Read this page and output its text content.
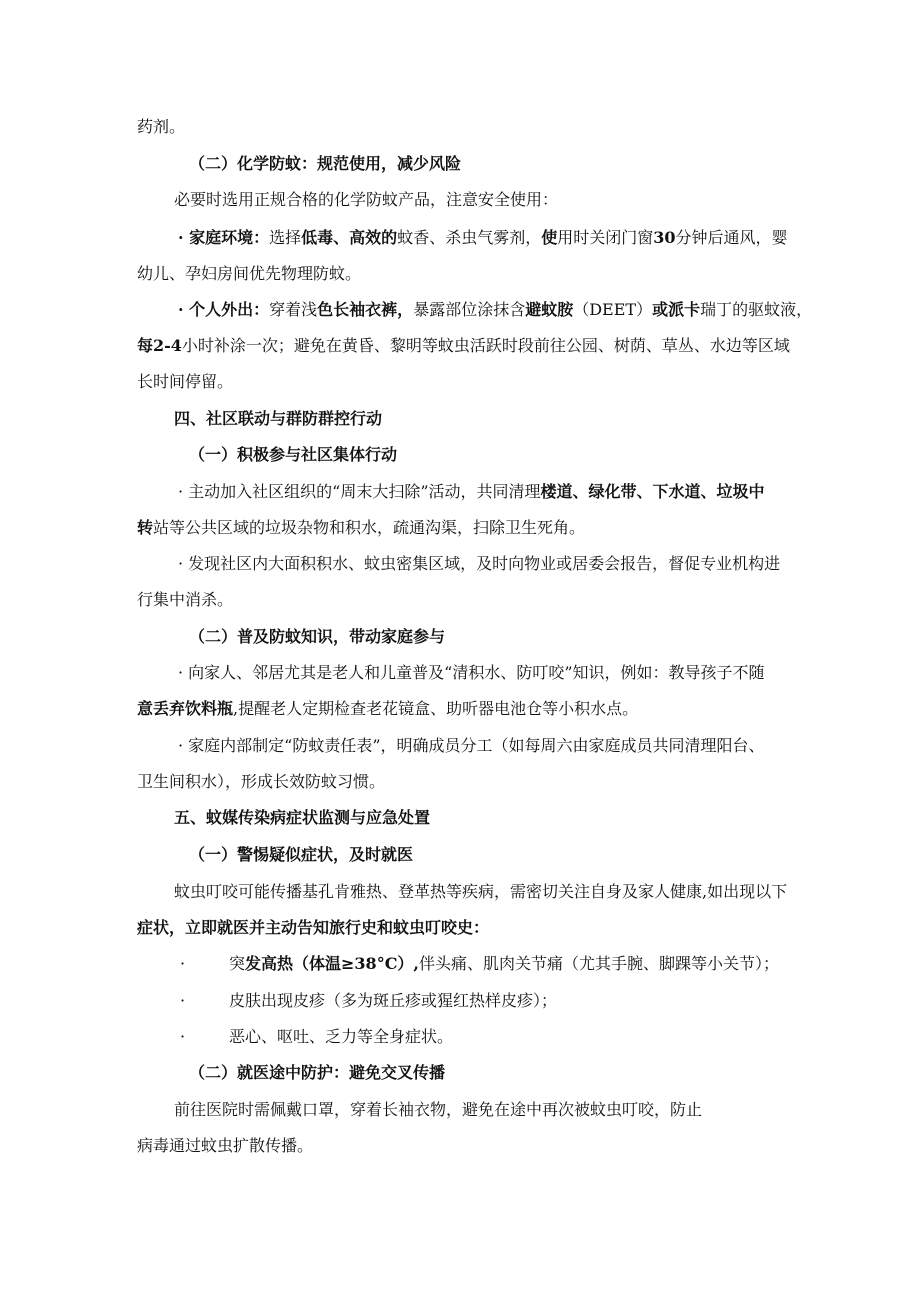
药剂。
（二）化学防蚊：规范使用，减少风险
必要时选用正规合格的化学防蚊产品，注意安全使用：
· 家庭环境：选择低毒、高效的蚊香、杀虫气雾剂，使用时关闭门窗30分钟后通风，婴
幼儿、孕妇房间优先物理防蚊。
· 个人外出：穿着浅色长袖衣裤，暴露部位涂抹含避蚊胺（DEET）或派卡瑞丁的驱蚊液，
每2-4小时补涂一次；避免在黄昏、黎明等蚊虫活跃时段前往公园、树荫、草丛、水边等区域
长时间停留。
四、社区联动与群防群控行动
（一）积极参与社区集体行动
· 主动加入社区组织的“周末大扫除”活动，共同清理楼道、绿化带、下水道、垃圾中
转站等公共区域的垃圾杂物和积水，疏通沟渠，扫除卫生死角。
· 发现社区内大面积积水、蚊虫密集区域，及时向物业或居委会报告，督促专业机构进
行集中消杀。
（二）普及防蚊知识，带动家庭参与
· 向家人、邻居尤其是老人和儿童普及“清积水、防叮咬”知识，例如：教导孩子不随
意丢弃饮料瓶,提醒老人定期检查老花镜盒、助听器电池仓等小积水点。
· 家庭内部制定“防蚊责任表”，明确成员分工（如每周六由家庭成员共同清理阳台、
卫生间积水），形成长效防蚊习惯。
五、蚊媒传染病症状监测与应急处置
（一）警惕疑似症状，及时就医
蚊虫叮咬可能传播基孔肯雅热、登革热等疾病，需密切关注自身及家人健康,如出现以下
症状，立即就医并主动告知旅行史和蚊虫叮咬史：
·	突发高热（体温≥38°C）,伴头痛、肌肉关节痛（尤其手腕、脚踝等小关节）；
·	皮肤出现皮疹（多为斑丘疹或猩红热样皮疹）；
·	恶心、呕吐、乏力等全身症状。
（二）就医途中防护：避免交叉传播
前往医院时需佩戴口罩，穿着长袖衣物，避免在途中再次被蚊虫叮咬，防止
病毒通过蚊虫扩散传播。
